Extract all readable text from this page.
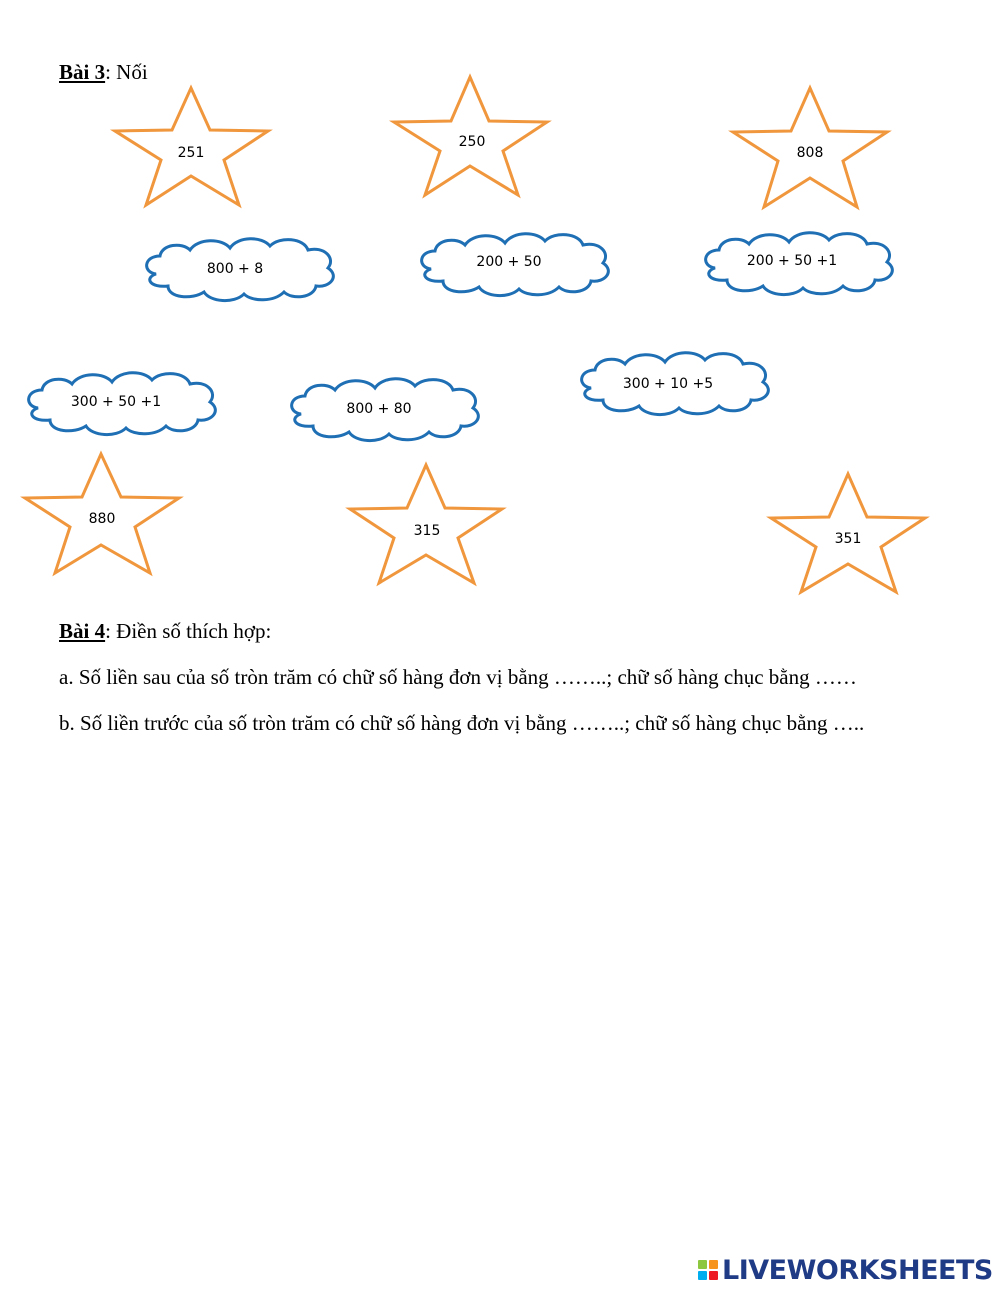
Bài 3: Nối
251
250
808
880
315	351
800 + 8	200 + 50	200 + 50 +1
300 + 50 +1	800 + 80
300 + 10 +5
Bài 4: Điền số thích hợp:
a. Số liền sau của số tròn trăm có chữ số hàng đơn vị bằng ……..; chữ số hàng chục bằng ……
b. Số liền trước của số tròn trăm có chữ số hàng đơn vị bằng ……..; chữ số hàng chục bằng …..
LIVEWORKSHEETS
